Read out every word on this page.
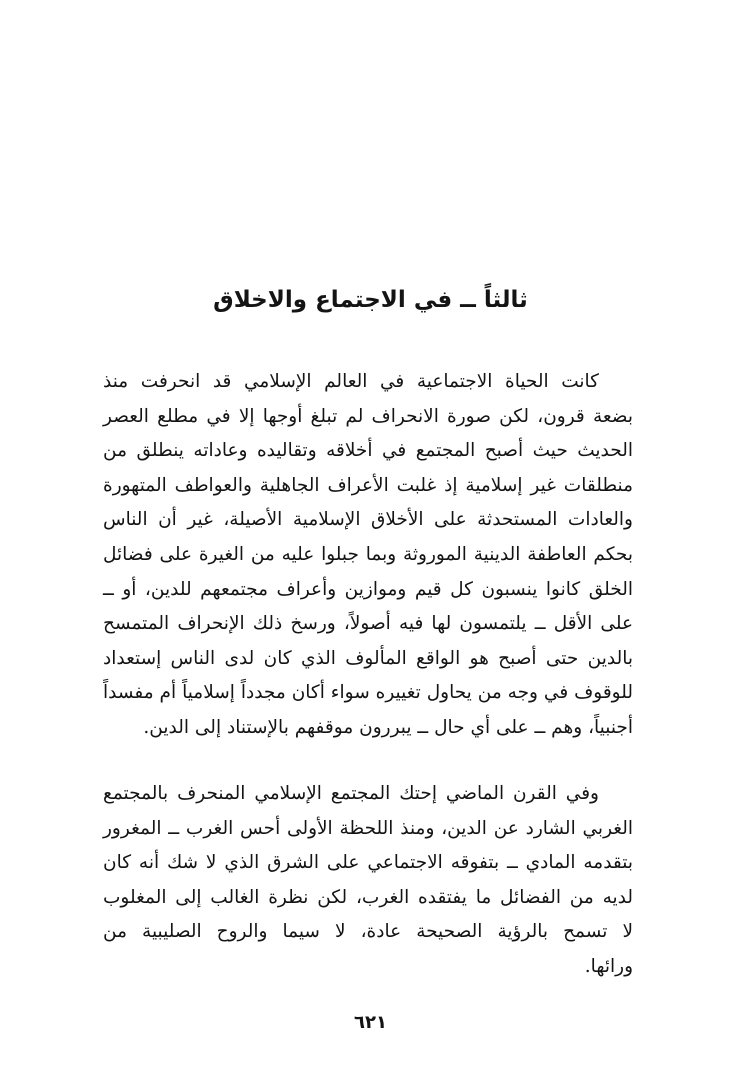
ثالثاً ــ في الاجتماع والاخلاق

كانت الحياة الاجتماعية في العالم الإسلامي قد انحرفت منذ
بضعة قرون، لكن صورة الانحراف لم تبلغ أوجها إلا في مطلع العصر
الحديث حيث أصبح المجتمع في أخلاقه وتقاليده وعاداته ينطلق من
منطلقات غير إسلامية إذ غلبت الأعراف الجاهلية والعواطف المتهورة
والعادات المستحدثة على الأخلاق الإسلامية الأصيلة، غير أن الناس
بحكم العاطفة الدينية الموروثة وبما جبلوا عليه من الغيرة على فضائل
الخلق كانوا ينسبون كل قيم وموازين وأعراف مجتمعهم للدين، أو ــ
على الأقل ــ يلتمسون لها فيه أصولاً، ورسخ ذلك الإنحراف المتمسح
بالدين حتى أصبح هو الواقع المألوف الذي كان لدى الناس إستعداد
للوقوف في وجه من يحاول تغييره سواء أكان مجدداً إسلامياً أم مفسداً
أجنبياً، وهم ــ على أي حال ــ يبررون موقفهم بالإستناد إلى الدين.

وفي القرن الماضي إحتك المجتمع الإسلامي المنحرف بالمجتمع
الغربي الشارد عن الدين، ومنذ اللحظة الأولى أحس الغرب ــ المغرور
بتقدمه المادي ــ بتفوقه الاجتماعي على الشرق الذي لا شك أنه كان
لديه من الفضائل ما يفتقده الغرب، لكن نظرة الغالب إلى المغلوب
لا تسمح بالرؤية الصحيحة عادة، لا سيما والروح الصليبية من
ورائها.

٦٢١
